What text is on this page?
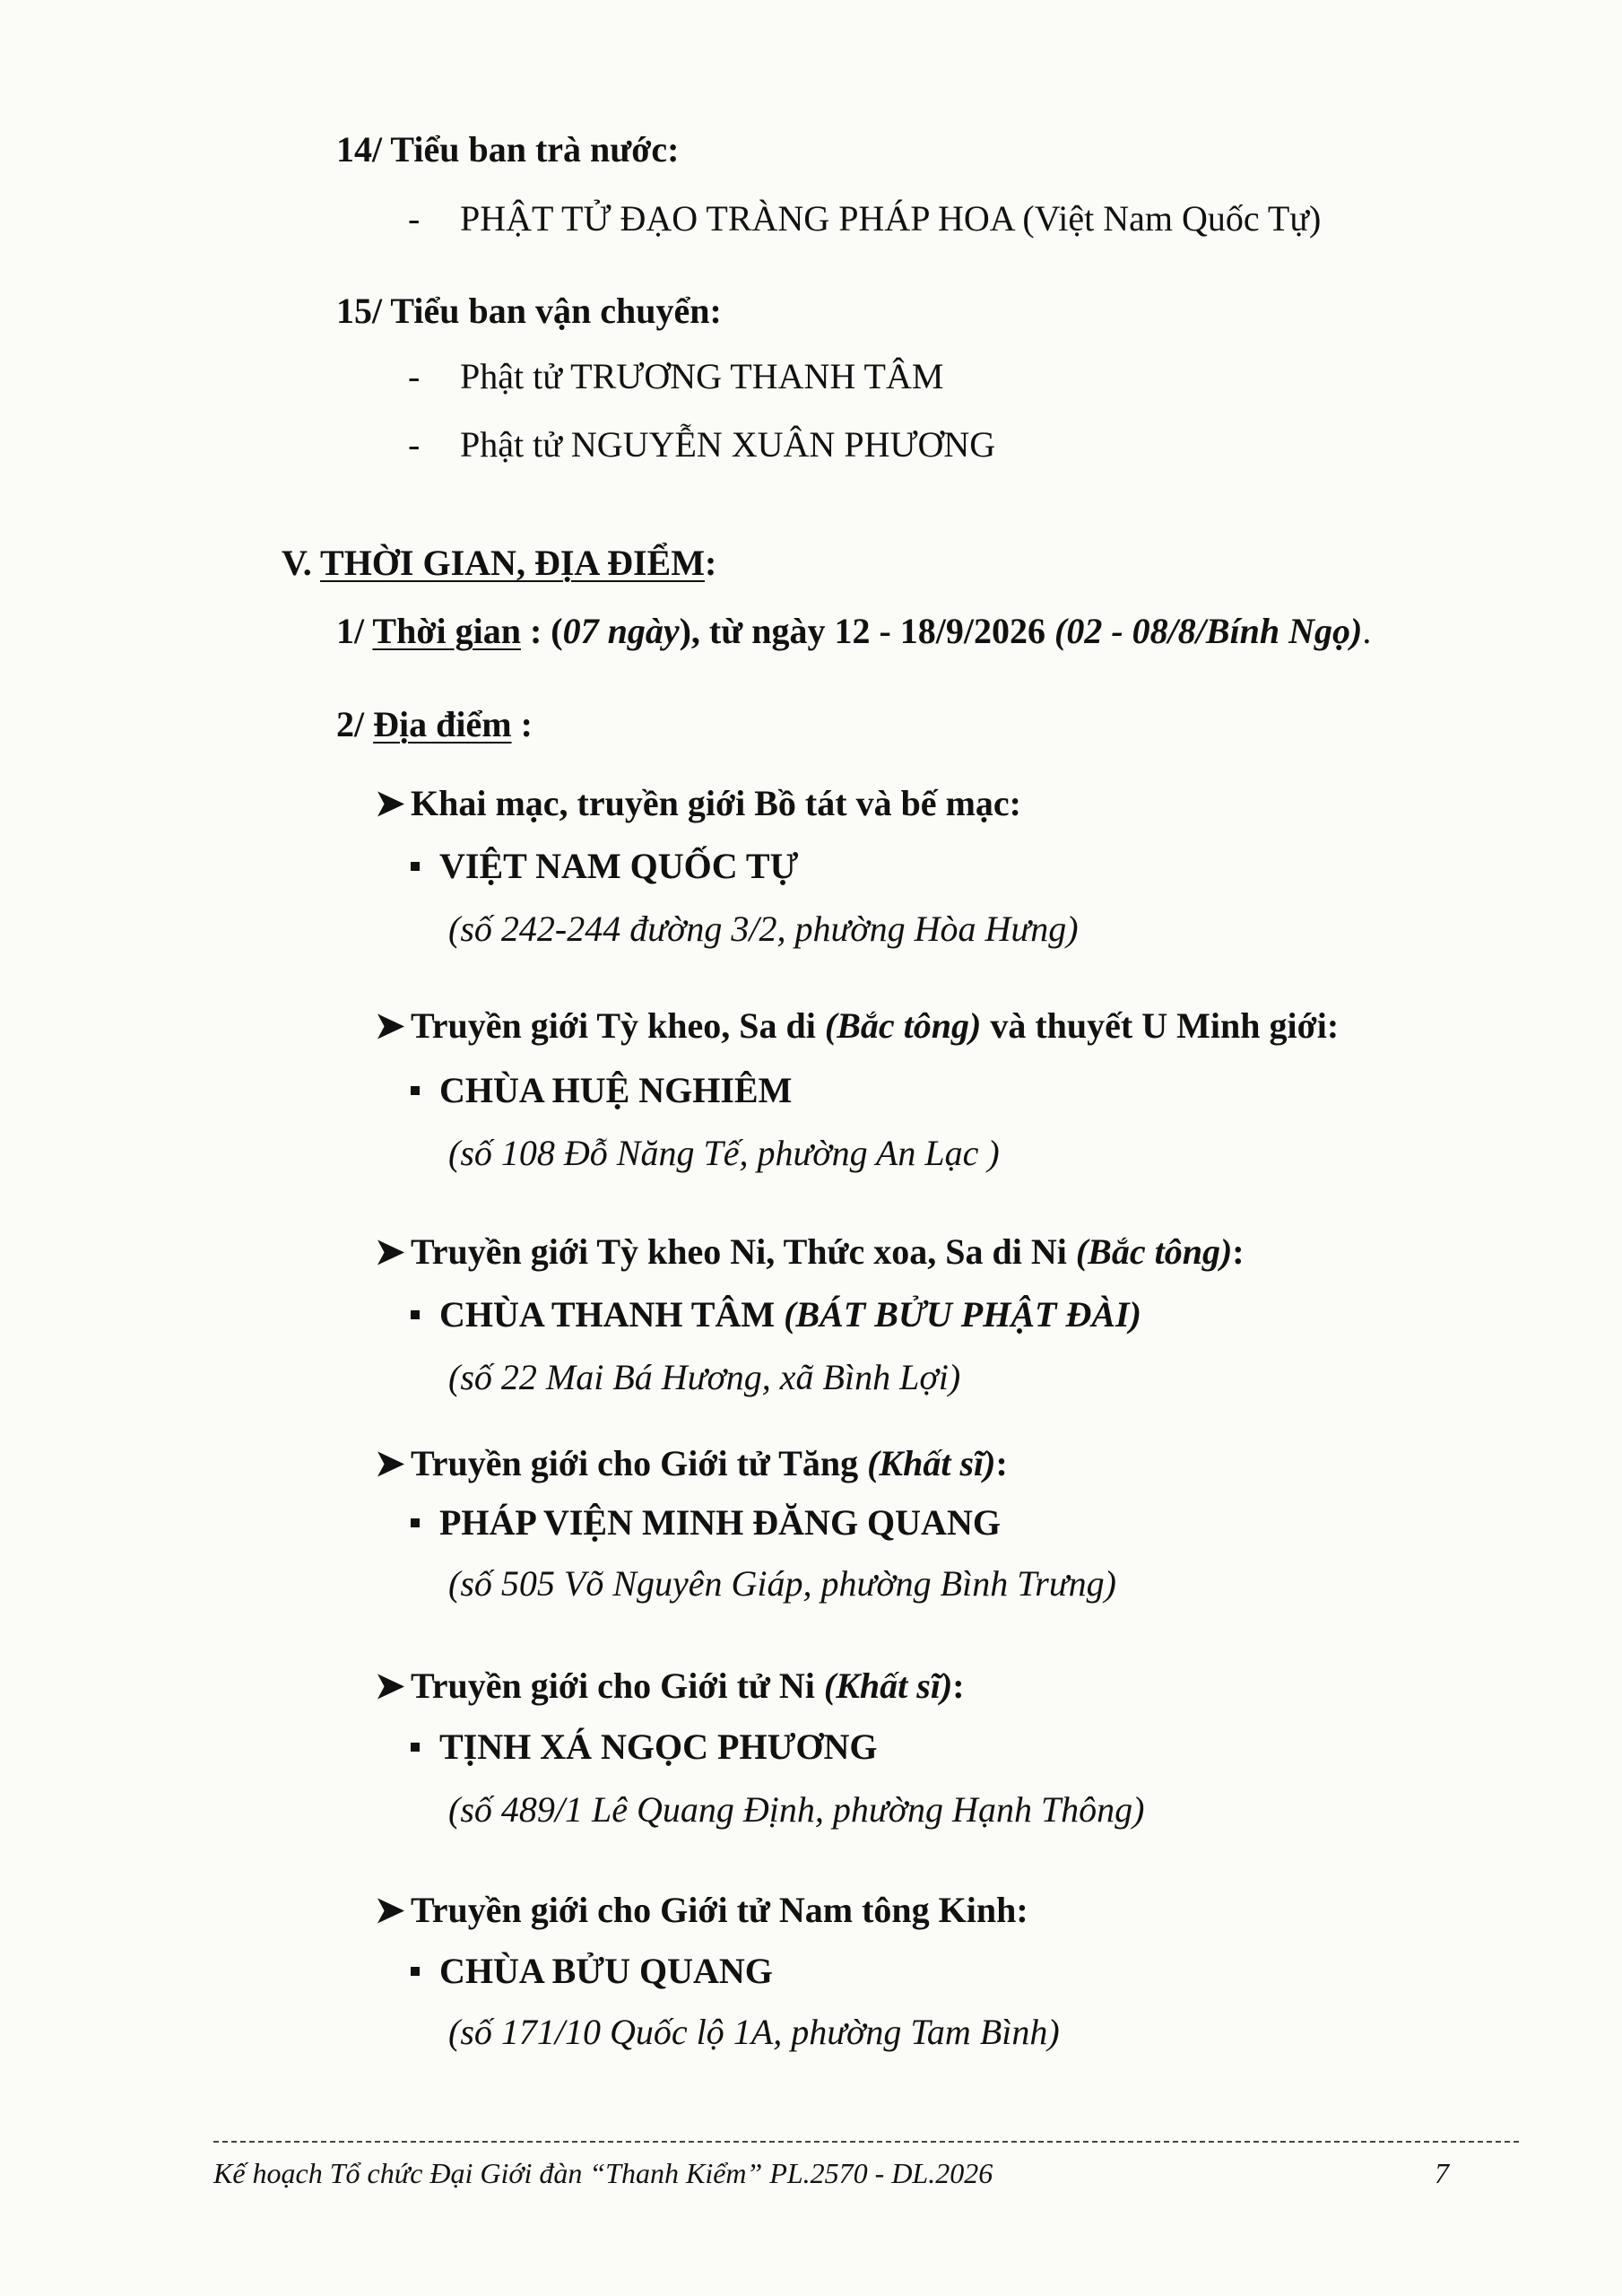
14/ Tiểu ban trà nước:
- PHẬT TỬ ĐẠO TRÀNG PHÁP HOA (Việt Nam Quốc Tự)
15/ Tiểu ban vận chuyển:
- Phật tử TRƯƠNG THANH TÂM
- Phật tử NGUYỄN XUÂN PHƯƠNG
V. THỜI GIAN, ĐỊA ĐIỂM:
1/ Thời gian : (07 ngày), từ ngày 12 - 18/9/2026 (02 - 08/8/Bính Ngọ).
2/ Địa điểm :
➤ Khai mạc, truyền giới Bồ tát và bế mạc:
VIỆT NAM QUỐC TỰ
(số 242-244 đường 3/2, phường Hòa Hưng)
➤ Truyền giới Tỳ kheo, Sa di (Bắc tông) và thuyết U Minh giới:
CHÙA HUỆ NGHIÊM
(số 108 Đỗ Năng Tế, phường An Lạc )
➤ Truyền giới Tỳ kheo Ni, Thức xoa, Sa di Ni (Bắc tông):
CHÙA THANH TÂM (BÁT BỬU PHẬT ĐÀI)
(số 22 Mai Bá Hương, xã Bình Lợi)
➤ Truyền giới cho Giới tử Tăng (Khất sĩ):
PHÁP VIỆN MINH ĐĂNG QUANG
(số 505 Võ Nguyên Giáp, phường Bình Trưng)
➤ Truyền giới cho Giới tử Ni (Khất sĩ):
TỊNH XÁ NGỌC PHƯƠNG
(số 489/1 Lê Quang Định, phường Hạnh Thông)
➤ Truyền giới cho Giới tử Nam tông Kinh:
CHÙA BỬU QUANG
(số 171/10 Quốc lộ 1A, phường Tam Bình)
Kế hoạch Tổ chức Đại Giới đàn “Thanh Kiểm” PL.2570 - DL.2026	7
